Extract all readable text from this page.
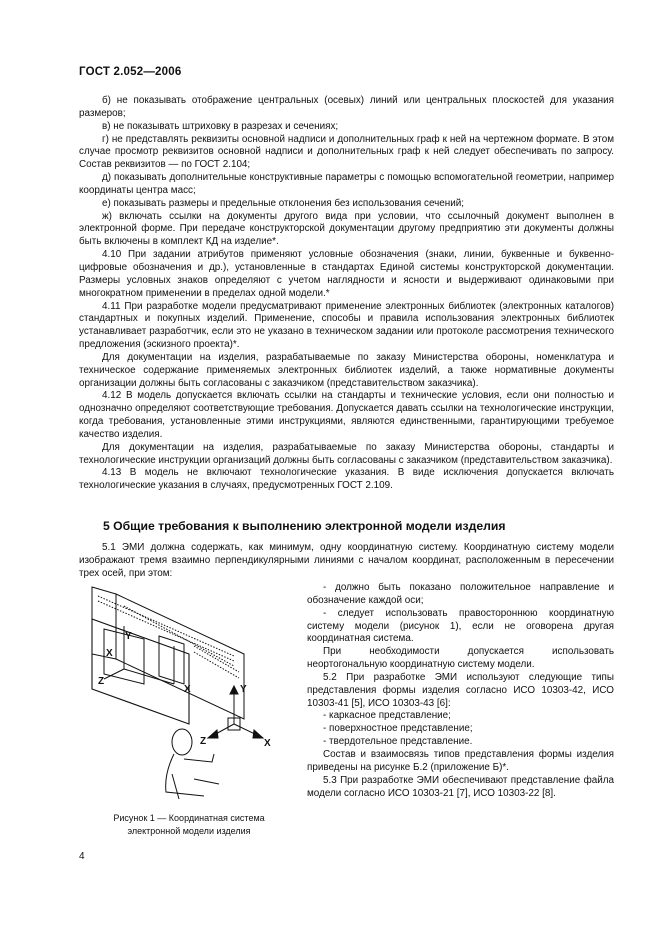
ГОСТ 2.052—2006

б) не показывать отображение центральных (осевых) линий или центральных плоскостей для указания размеров;

в) не показывать штриховку в разрезах и сечениях;

г) не представлять реквизиты основной надписи и дополнительных граф к ней на чертежном формате. В этом случае просмотр реквизитов основной надписи и дополнительных граф к ней следует обеспечивать по запросу. Состав реквизитов — по ГОСТ 2.104;

д) показывать дополнительные конструктивные параметры с помощью вспомогательной геометрии, например координаты центра масс;

е) показывать размеры и предельные отклонения без использования сечений;

ж) включать ссылки на документы другого вида при условии, что ссылочный документ выполнен в электронной форме. При передаче конструкторской документации другому предприятию эти документы должны быть включены в комплект КД на изделие*.

4.10 При задании атрибутов применяют условные обозначения (знаки, линии, буквенные и буквенно-цифровые обозначения и др.), установленные в стандартах Единой системы конструкторской документации. Размеры условных знаков определяют с учетом наглядности и ясности и выдерживают одинаковыми при многократном применении в пределах одной модели.*

4.11 При разработке модели предусматривают применение электронных библиотек (электронных каталогов) стандартных и покупных изделий. Применение, способы и правила использования электронных библиотек устанавливает разработчик, если это не указано в техническом задании или протоколе рассмотрения технического предложения (эскизного проекта)*.

Для документации на изделия, разрабатываемые по заказу Министерства обороны, номенклатура и техническое содержание применяемых электронных библиотек изделий, а также нормативные документы организации должны быть согласованы с заказчиком (представительством заказчика).

4.12 В модель допускается включать ссылки на стандарты и технические условия, если они полностью и однозначно определяют соответствующие требования. Допускается давать ссылки на технологические инструкции, когда требования, установленные этими инструкциями, являются единственными, гарантирующими требуемое качество изделия.

Для документации на изделия, разрабатываемые по заказу Министерства обороны, стандарты и технологические инструкции организаций должны быть согласованы с заказчиком (представительством заказчика).

4.13 В модель не включают технологические указания. В виде исключения допускается включать технологические указания в случаях, предусмотренных ГОСТ 2.109.

5 Общие требования к выполнению электронной модели изделия

5.1 ЭМИ должна содержать, как минимум, одну координатную систему. Координатную систему модели изображают тремя взаимно перпендикулярными линиями с началом координат, расположенным в пересечении трех осей, при этом:

- должно быть показано положительное направление и обозначение каждой оси;

- следует использовать правостороннюю координатную систему модели (рисунок 1), если не оговорена другая координатная система.

При необходимости допускается использовать неортогональную координатную систему модели.

5.2 При разработке ЭМИ используют следующие типы представления формы изделия согласно ИСО 10303-42, ИСО 10303-41 [5], ИСО 10303-43 [6]:

- каркасное представление;

- поверхностное представление;

- твердотельное представление.

Состав и взаимосвязь типов представления формы изделия приведены на рисунке Б.2 (приложение Б)*.

5.3 При разработке ЭМИ обеспечивают представление файла модели согласно ИСО 10303-21 [7], ИСО 10303-22 [8].

Y
X
Z
X	Y
X
Z
Рисунок 1 — Координатная система
электронной модели изделия
4
